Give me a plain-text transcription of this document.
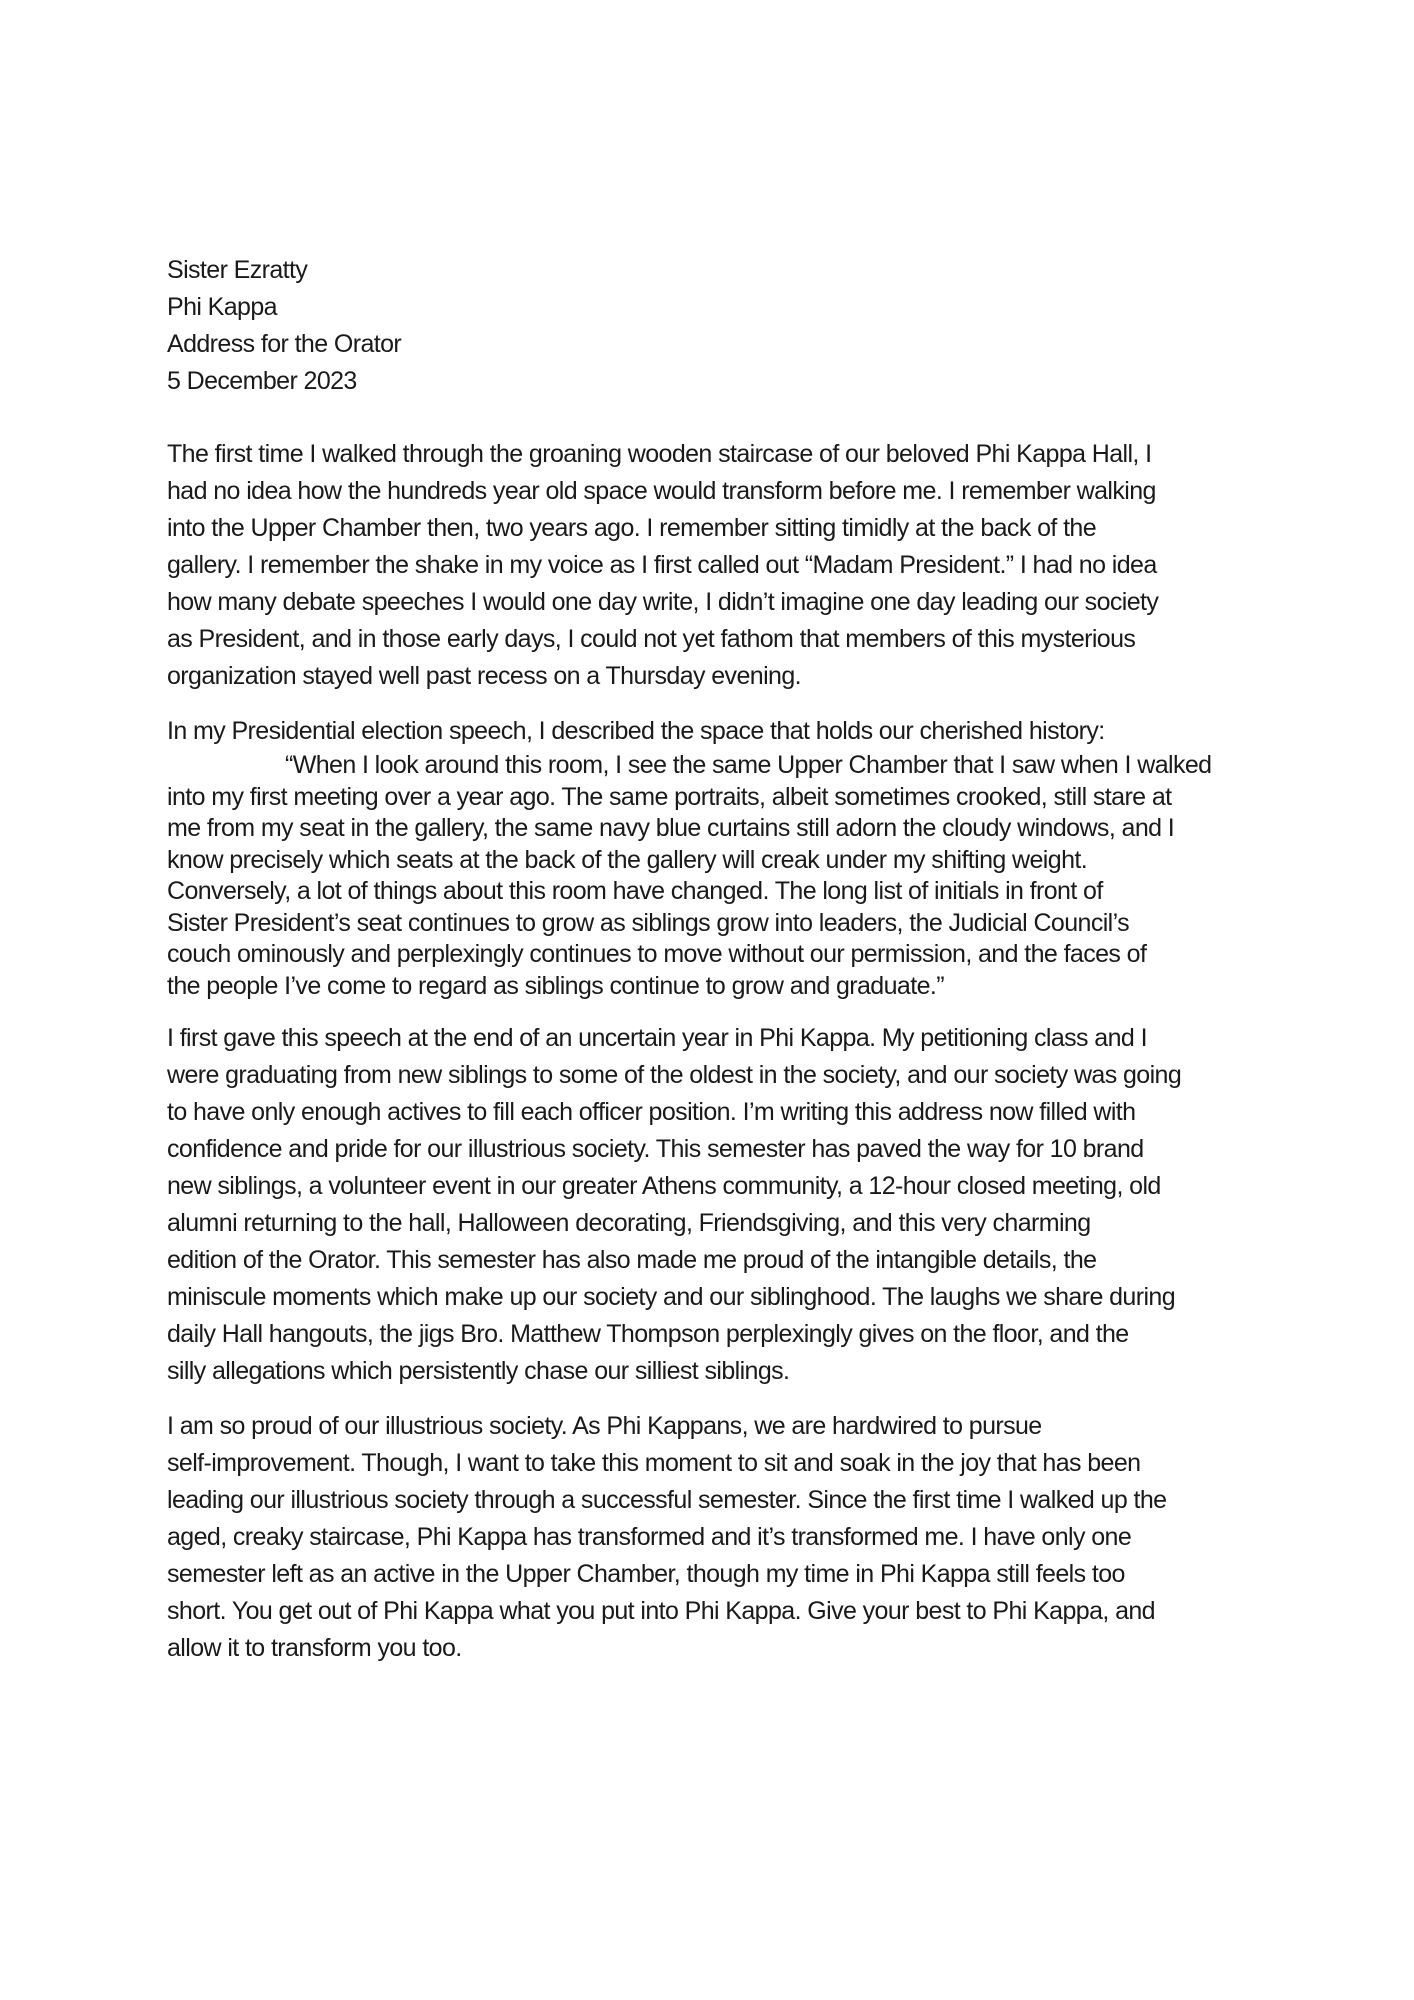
Sister Ezratty

Phi Kappa

Address for the Orator

5 December 2023

The first time I walked through the groaning wooden staircase of our beloved Phi Kappa Hall, I
had no idea how the hundreds year old space would transform before me. I remember walking
into the Upper Chamber then, two years ago. I remember sitting timidly at the back of the
gallery. I remember the shake in my voice as I first called out “Madam President.” I had no idea
how many debate speeches I would one day write, I didn’t imagine one day leading our society
as President, and in those early days, I could not yet fathom that members of this mysterious
organization stayed well past recess on a Thursday evening.

In my Presidential election speech, I described the space that holds our cherished history:

“When I look around this room, I see the same Upper Chamber that I saw when I walked
into my first meeting over a year ago. The same portraits, albeit sometimes crooked, still stare at
me from my seat in the gallery, the same navy blue curtains still adorn the cloudy windows, and I
know precisely which seats at the back of the gallery will creak under my shifting weight.
Conversely, a lot of things about this room have changed. The long list of initials in front of
Sister President’s seat continues to grow as siblings grow into leaders, the Judicial Council’s
couch ominously and perplexingly continues to move without our permission, and the faces of
the people I’ve come to regard as siblings continue to grow and graduate.”

I first gave this speech at the end of an uncertain year in Phi Kappa. My petitioning class and I
were graduating from new siblings to some of the oldest in the society, and our society was going
to have only enough actives to fill each officer position. I’m writing this address now filled with
confidence and pride for our illustrious society. This semester has paved the way for 10 brand
new siblings, a volunteer event in our greater Athens community, a 12-hour closed meeting, old
alumni returning to the hall, Halloween decorating, Friendsgiving, and this very charming
edition of the Orator. This semester has also made me proud of the intangible details, the
miniscule moments which make up our society and our siblinghood. The laughs we share during
daily Hall hangouts, the jigs Bro. Matthew Thompson perplexingly gives on the floor, and the
silly allegations which persistently chase our silliest siblings.

I am so proud of our illustrious society. As Phi Kappans, we are hardwired to pursue
self-improvement. Though, I want to take this moment to sit and soak in the joy that has been
leading our illustrious society through a successful semester. Since the first time I walked up the
aged, creaky staircase, Phi Kappa has transformed and it’s transformed me. I have only one
semester left as an active in the Upper Chamber, though my time in Phi Kappa still feels too
short. You get out of Phi Kappa what you put into Phi Kappa. Give your best to Phi Kappa, and
allow it to transform you too.
